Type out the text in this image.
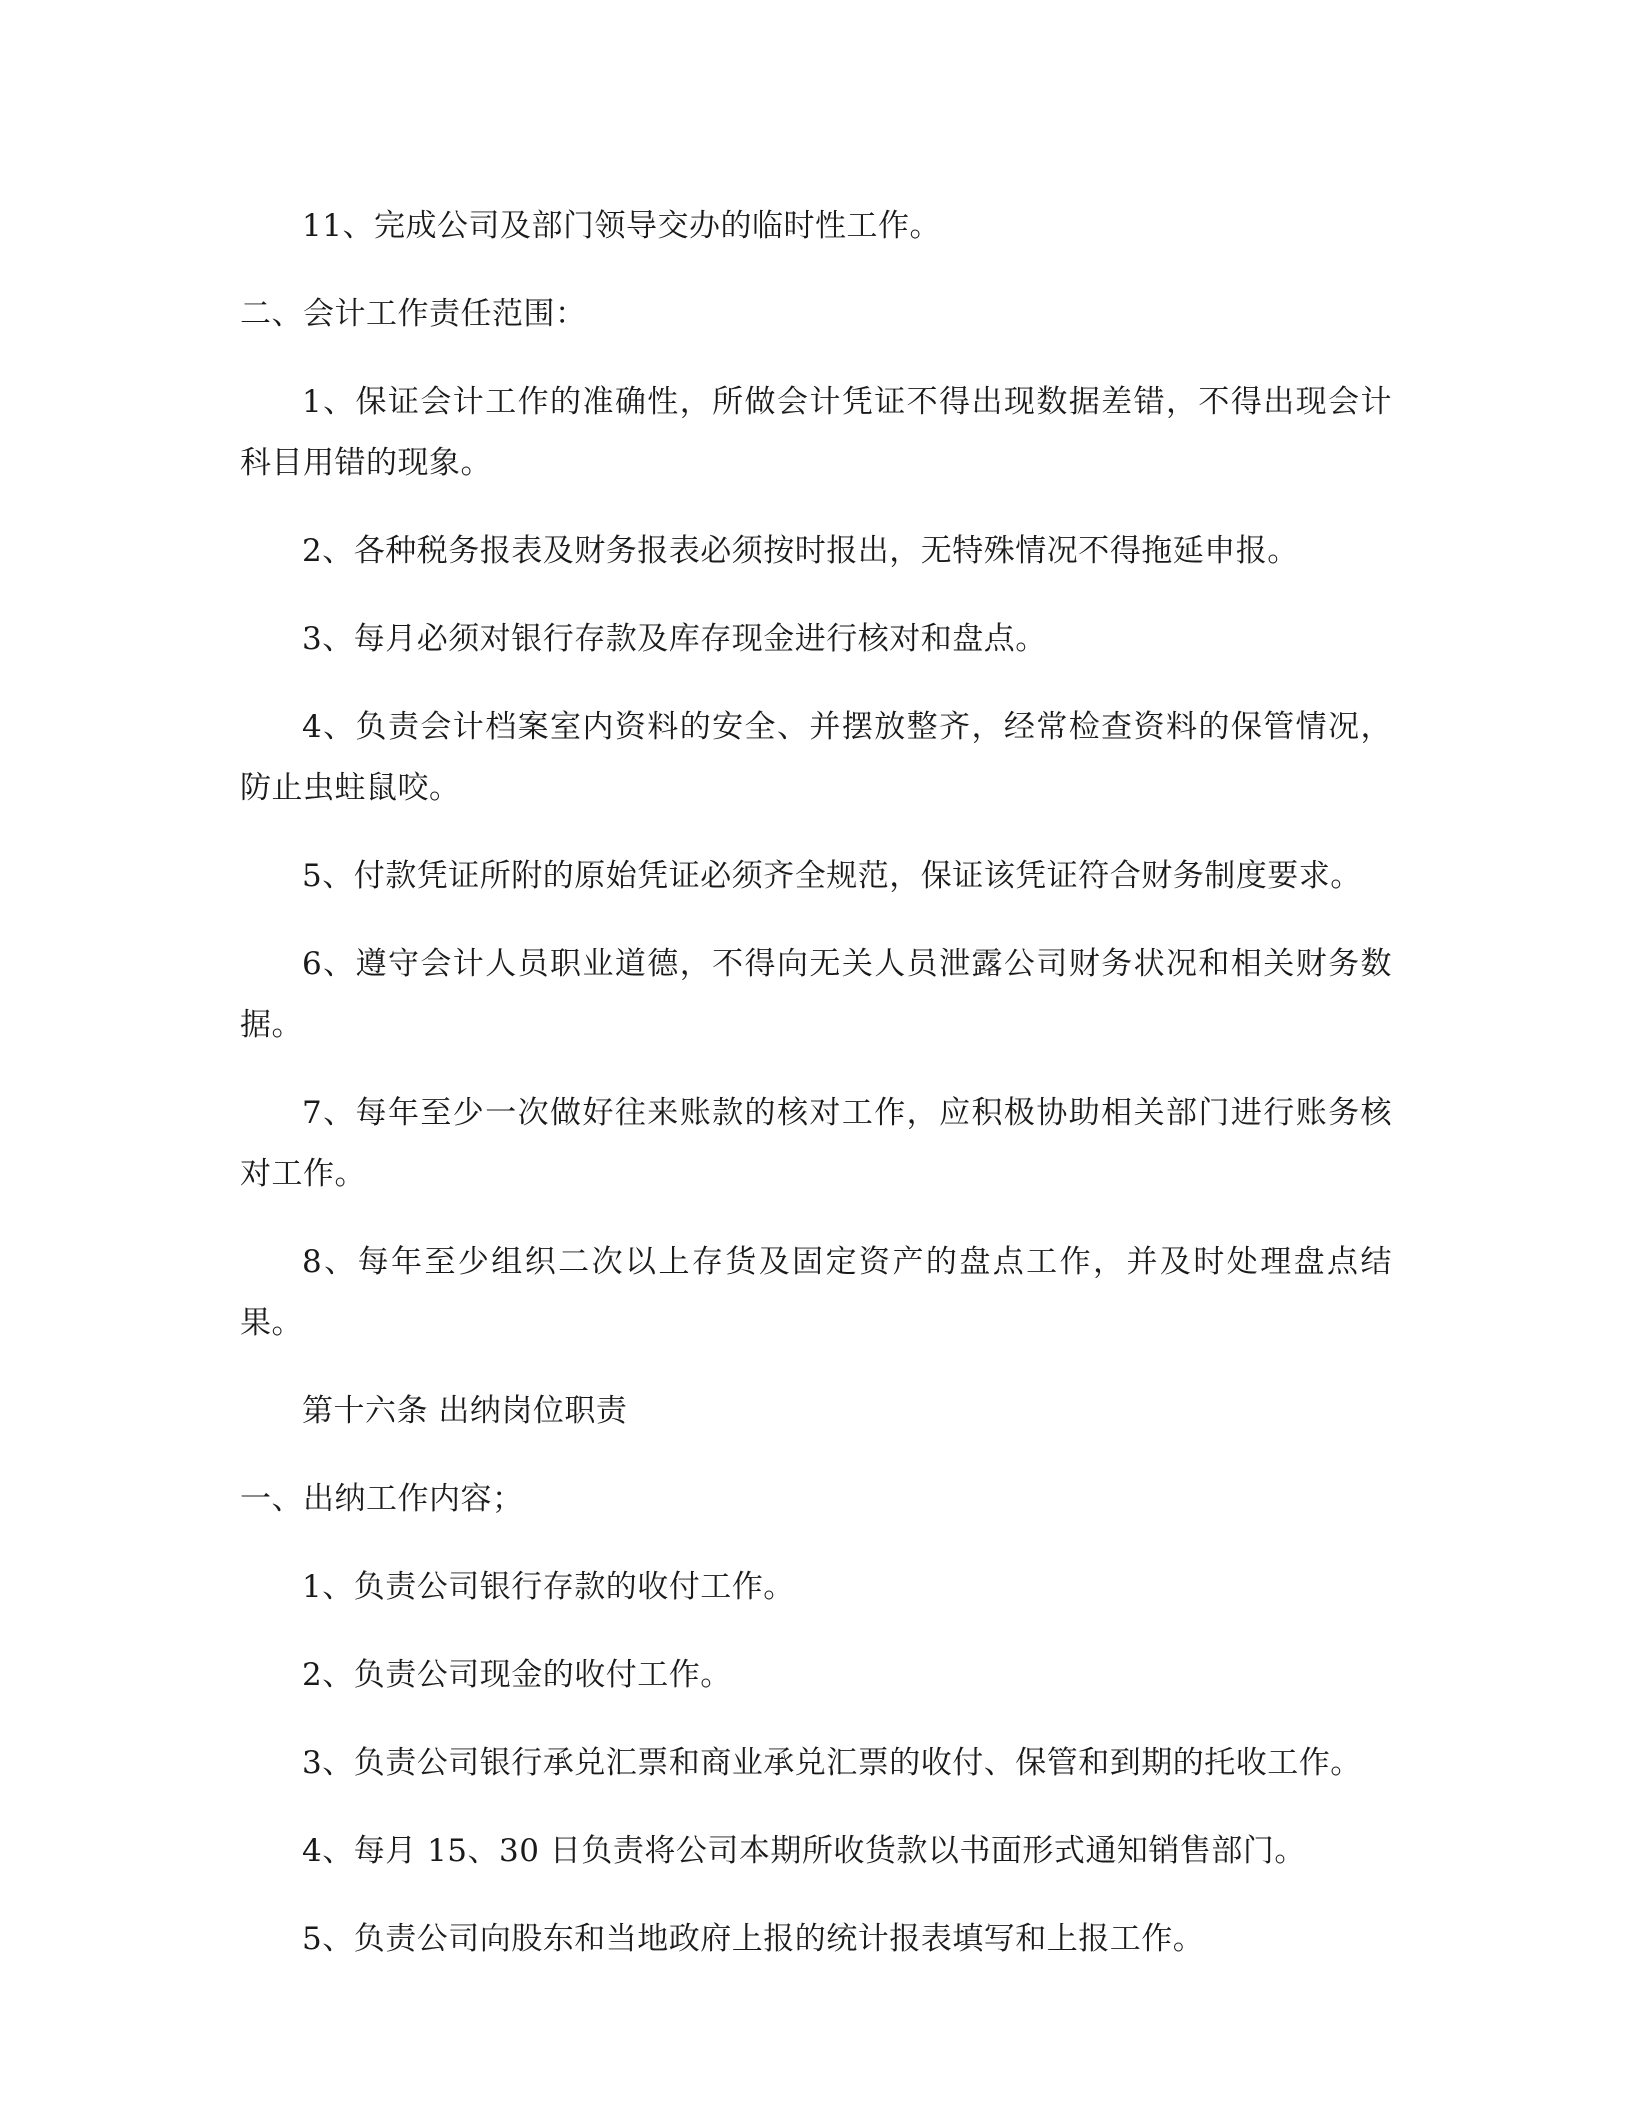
11、完成公司及部门领导交办的临时性工作。

二、会计工作责任范围：

1、保证会计工作的准确性，所做会计凭证不得出现数据差错，不得出现会计科目用错的现象。

2、各种税务报表及财务报表必须按时报出，无特殊情况不得拖延申报。

3、每月必须对银行存款及库存现金进行核对和盘点。

4、负责会计档案室内资料的安全、并摆放整齐，经常检查资料的保管情况，防止虫蛀鼠咬。

5、付款凭证所附的原始凭证必须齐全规范，保证该凭证符合财务制度要求。

6、遵守会计人员职业道德，不得向无关人员泄露公司财务状况和相关财务数据。

7、每年至少一次做好往来账款的核对工作，应积极协助相关部门进行账务核对工作。

8、每年至少组织二次以上存货及固定资产的盘点工作，并及时处理盘点结果。

第十六条 出纳岗位职责

一、出纳工作内容；

1、负责公司银行存款的收付工作。

2、负责公司现金的收付工作。

3、负责公司银行承兑汇票和商业承兑汇票的收付、保管和到期的托收工作。

4、每月 15、30 日负责将公司本期所收货款以书面形式通知销售部门。

5、负责公司向股东和当地政府上报的统计报表填写和上报工作。
